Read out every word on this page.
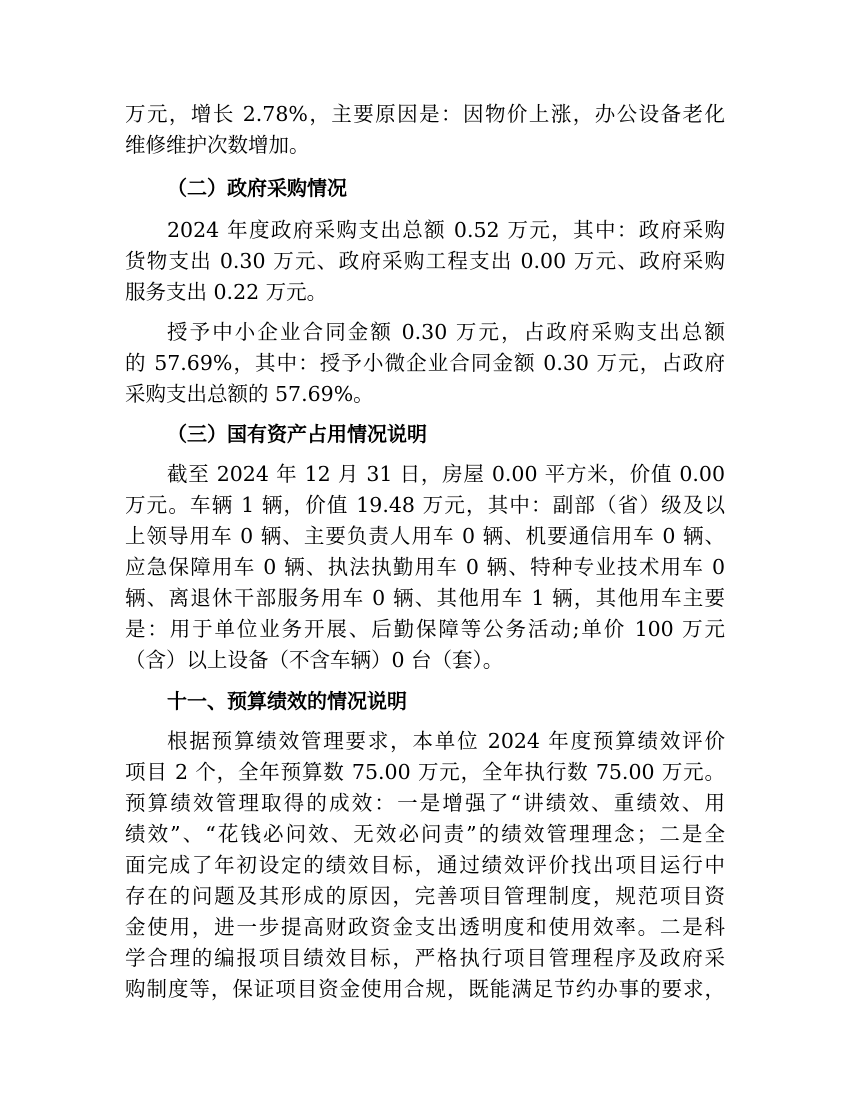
万元，增长 2.78%，主要原因是：因物价上涨，办公设备老化
维修维护次数增加。
（二）政府采购情况
2024 年度政府采购支出总额 0.52 万元，其中：政府采购
货物支出 0.30 万元、政府采购工程支出 0.00 万元、政府采购
服务支出 0.22 万元。
授予中小企业合同金额 0.30 万元，占政府采购支出总额
的 57.69%，其中：授予小微企业合同金额 0.30 万元，占政府
采购支出总额的 57.69%。
（三）国有资产占用情况说明
截至 2024 年 12 月 31 日，房屋 0.00 平方米，价值 0.00
万元。车辆 1 辆，价值 19.48 万元，其中：副部（省）级及以
上领导用车 0 辆、主要负责人用车 0 辆、机要通信用车 0 辆、
应急保障用车 0 辆、执法执勤用车 0 辆、特种专业技术用车 0
辆、离退休干部服务用车 0 辆、其他用车 1 辆，其他用车主要
是：用于单位业务开展、后勤保障等公务活动;单价 100 万元
（含）以上设备（不含车辆）0 台（套）。
十一、预算绩效的情况说明
根据预算绩效管理要求，本单位 2024 年度预算绩效评价
项目 2 个，全年预算数 75.00 万元，全年执行数 75.00 万元。
预算绩效管理取得的成效：一是增强了“讲绩效、重绩效、用
绩效”、“花钱必问效、无效必问责”的绩效管理理念；二是全
面完成了年初设定的绩效目标，通过绩效评价找出项目运行中
存在的问题及其形成的原因，完善项目管理制度，规范项目资
金使用，进一步提高财政资金支出透明度和使用效率。二是科
学合理的编报项目绩效目标，严格执行项目管理程序及政府采
购制度等，保证项目资金使用合规，既能满足节约办事的要求，
